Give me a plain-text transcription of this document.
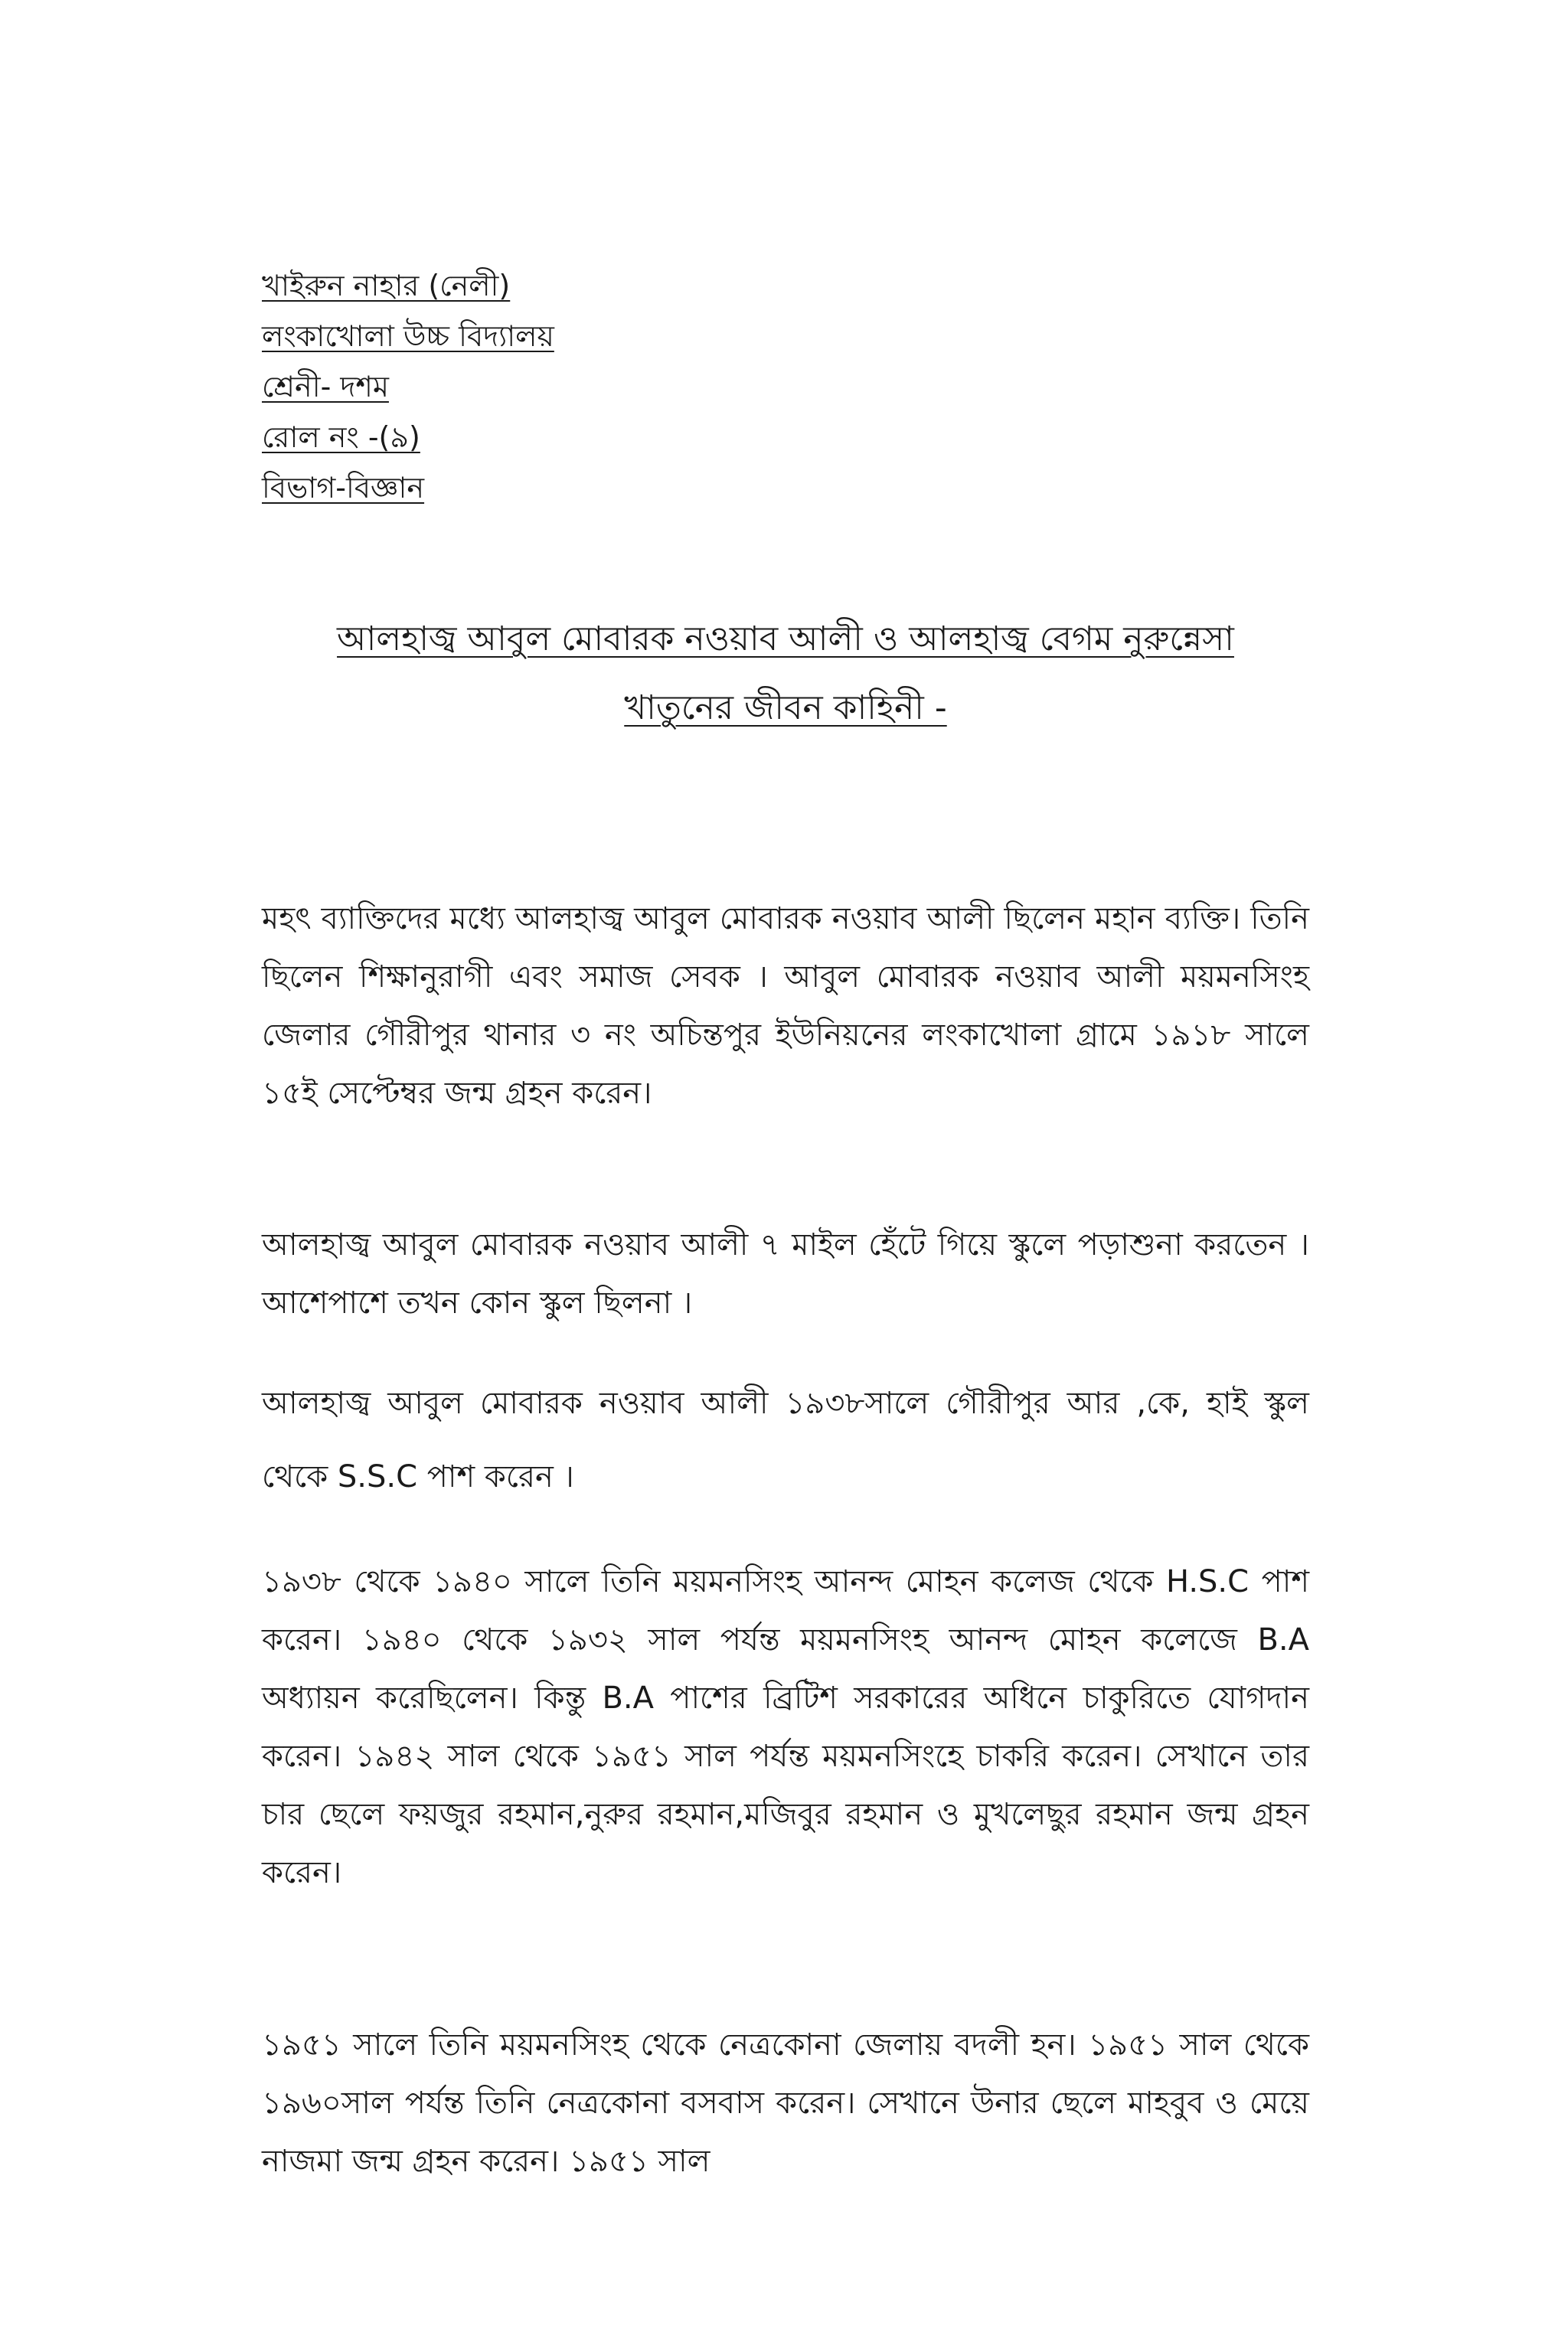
খাইরুন নাহার (নেলী)
লংকাখোলা উচ্চ বিদ্যালয়
শ্রেনী- দশম
রোল নং -(৯)
বিভাগ-বিজ্ঞান
আলহাজ্ব আবুল মোবারক নওয়াব আলী ও আলহাজ্ব বেগম নুরুন্নেসা
খাতুনের জীবন কাহিনী -

মহৎ ব্যাক্তিদের মধ্যে আলহাজ্ব আবুল মোবারক নওয়াব আলী ছিলেন মহান ব্যক্তি। তিনি ছিলেন শিক্ষানুরাগী এবং সমাজ সেবক । আবুল মোবারক নওয়াব আলী ময়মনসিংহ জেলার গৌরীপুর থানার ৩ নং অচিন্তপুর ইউনিয়নের লংকাখোলা গ্রামে ১৯১৮ সালে ১৫ই সেপ্টেম্বর জন্ম গ্রহন করেন।

আলহাজ্ব আবুল মোবারক নওয়াব আলী ৭ মাইল হেঁটে গিয়ে স্কুলে পড়াশুনা করতেন । আশেপাশে তখন কোন স্কুল ছিলনা ।

আলহাজ্ব আবুল মোবারক নওয়াব আলী ১৯৩৮সালে গৌরীপুর আর ,কে, হাই স্কুল থেকে S.S.C পাশ করেন ।

১৯৩৮ থেকে ১৯৪০ সালে তিনি ময়মনসিংহ আনন্দ মোহন কলেজ থেকে H.S.C পাশ করেন। ১৯৪০ থেকে ১৯৩২ সাল পর্যন্ত ময়মনসিংহ আনন্দ মোহন কলেজে B.A অধ্যায়ন করেছিলেন। কিন্তু B.A পাশের ব্রিটিশ সরকারের অধিনে চাকুরিতে যোগদান করেন। ১৯৪২ সাল থেকে ১৯৫১ সাল পর্যন্ত ময়মনসিংহে চাকরি করেন। সেখানে তার চার ছেলে ফয়জুর রহমান,নুরুর রহমান,মজিবুর রহমান ও মুখলেছুর রহমান জন্ম গ্রহন করেন।

১৯৫১ সালে তিনি ময়মনসিংহ থেকে নেত্রকোনা জেলায় বদলী হন। ১৯৫১ সাল থেকে ১৯৬০সাল পর্যন্ত তিনি নেত্রকোনা বসবাস করেন। সেখানে উনার ছেলে মাহবুব ও মেয়ে নাজমা জন্ম গ্রহন করেন। ১৯৫১ সাল
